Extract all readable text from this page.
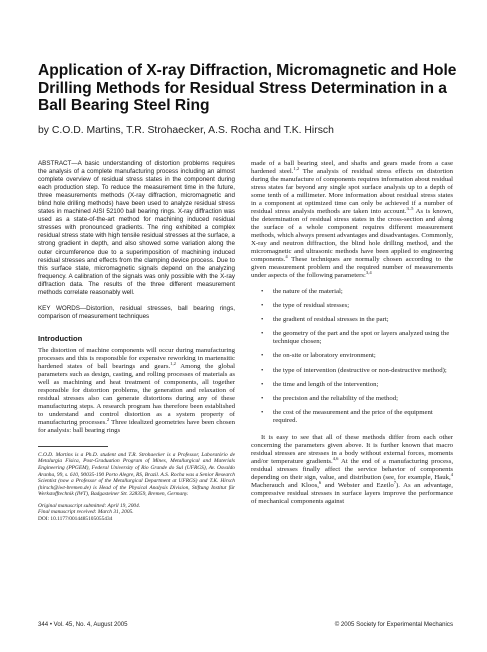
Application of X-ray Diffraction, Micromagnetic and Hole Drilling Methods for Residual Stress Determination in a Ball Bearing Steel Ring
by C.O.D. Martins, T.R. Strohaecker, A.S. Rocha and T.K. Hirsch

ABSTRACT—A basic understanding of distortion problems requires the analysis of a complete manufacturing process including an almost complete overview of residual stress states in the component during each production step. To reduce the measurement time in the future, three measurements methods (X-ray diffraction, micromagnetic and blind hole drilling methods) have been used to analyze residual stress states in machined AISI 52100 ball bearing rings. X-ray diffraction was used as a state-of-the-art method for machining induced residual stresses with pronounced gradients. The ring exhibited a complex residual stress state with high tensile residual stresses at the surface, a strong gradient in depth, and also showed some variation along the outer circumference due to a superimposition of machining induced residual stresses and effects from the clamping device process. Due to this surface state, micromagnetic signals depend on the analyzing frequency. A calibration of the signals was only possible with the X-ray diffraction data. The results of the three different measurement methods correlate reasonably well.

KEY WORDS—Distortion, residual stresses, ball bearing rings, comparison of measurement techniques

Introduction

The distortion of machine components will occur during manufacturing processes and this is responsible for expensive reworking in martensitic hardened states of ball bearings and gears.$^{1,2}$ Among the global parameters such as design, casting, and rolling processes of materials as well as machining and heat treatment of components, all together responsible for distortion problems, the generation and relaxation of residual stresses also can generate distortions during any of these manufacturing steps. A research program has therefore been established to understand and control distortion as a system property of manufacturing processes.$^2$ Three idealized geometries have been chosen for analysis: ball bearing rings

C.O.D. Martins is a Ph.D. student and T.R. Strohaecker is a Professor, Laboratório de Metalurgia Física, Post-Graduation Program of Mines, Metallurgical and Materials Engineering (PPGEM), Federal University of Rio Grande do Sul (UFRGS), Av. Osvaldo Aranha, 99, s. 610, 90035-190 Porto Alegre, RS, Brazil. A.S. Rocha was a Senior Research Scientist (now a Professor of the Metallurgical Department at UFRGS) and T.K. Hirsch (hirsch@iwt-bremen.de) is Head of the Physical Analysis Division, Stiftung Institut für Werkstofftechnik (IWT), Badgasteiner Str. 328359, Bremen, Germany.

Original manuscript submitted: April 19, 2004.
Final manuscript received: March 31, 2005.
DOI: 10.1177/0014485105055434

made of a ball bearing steel, and shafts and gears made from a case hardened steel.$^{1,2}$ The analysis of residual stress effects on distortion during the manufacture of components requires information about residual stress states far beyond any single spot surface analysis up to a depth of some tenth of a millimeter. More information about residual stress states in a component at optimized time can only be achieved if a number of residual stress analysis methods are taken into account.$^{3-5}$ As is known, the determination of residual stress states in the cross-section and along the surface of a whole component requires different measurement methods, which always present advantages and disadvantages. Commonly, X-ray and neutron diffraction, the blind hole drilling method, and the micromagnetic and ultrasonic methods have been applied to engineering components.$^4$ These techniques are normally chosen according to the given measurement problem and the required number of measurements under aspects of the following parameters:$^{3,4}$

• the nature of the material;
• the type of residual stresses;
• the gradient of residual stresses in the part;
• the geometry of the part and the spot or layers analyzed using the technique chosen;
• the on-site or laboratory environment;
• the type of intervention (destructive or non-destructive method);
• the time and length of the intervention;
• the precision and the reliability of the method;
• the cost of the measurement and the price of the equipment required.

It is easy to see that all of these methods differ from each other concerning the parameters given above. It is further known that macro residual stresses are stresses in a body without external forces, moments and/or temperature gradients.$^{4,6}$ At the end of a manufacturing process, residual stresses finally affect the service behavior of components depending on their sign, value, and distribution (see, for example, Hauk,$^4$ Macherauch and Kloos,$^6$ and Webster and Ezeilo$^7$). As an advantage, compressive residual stresses in surface layers improve the performance of mechanical components against

344 • Vol. 45, No. 4, August 2005	© 2005 Society for Experimental Mechanics
